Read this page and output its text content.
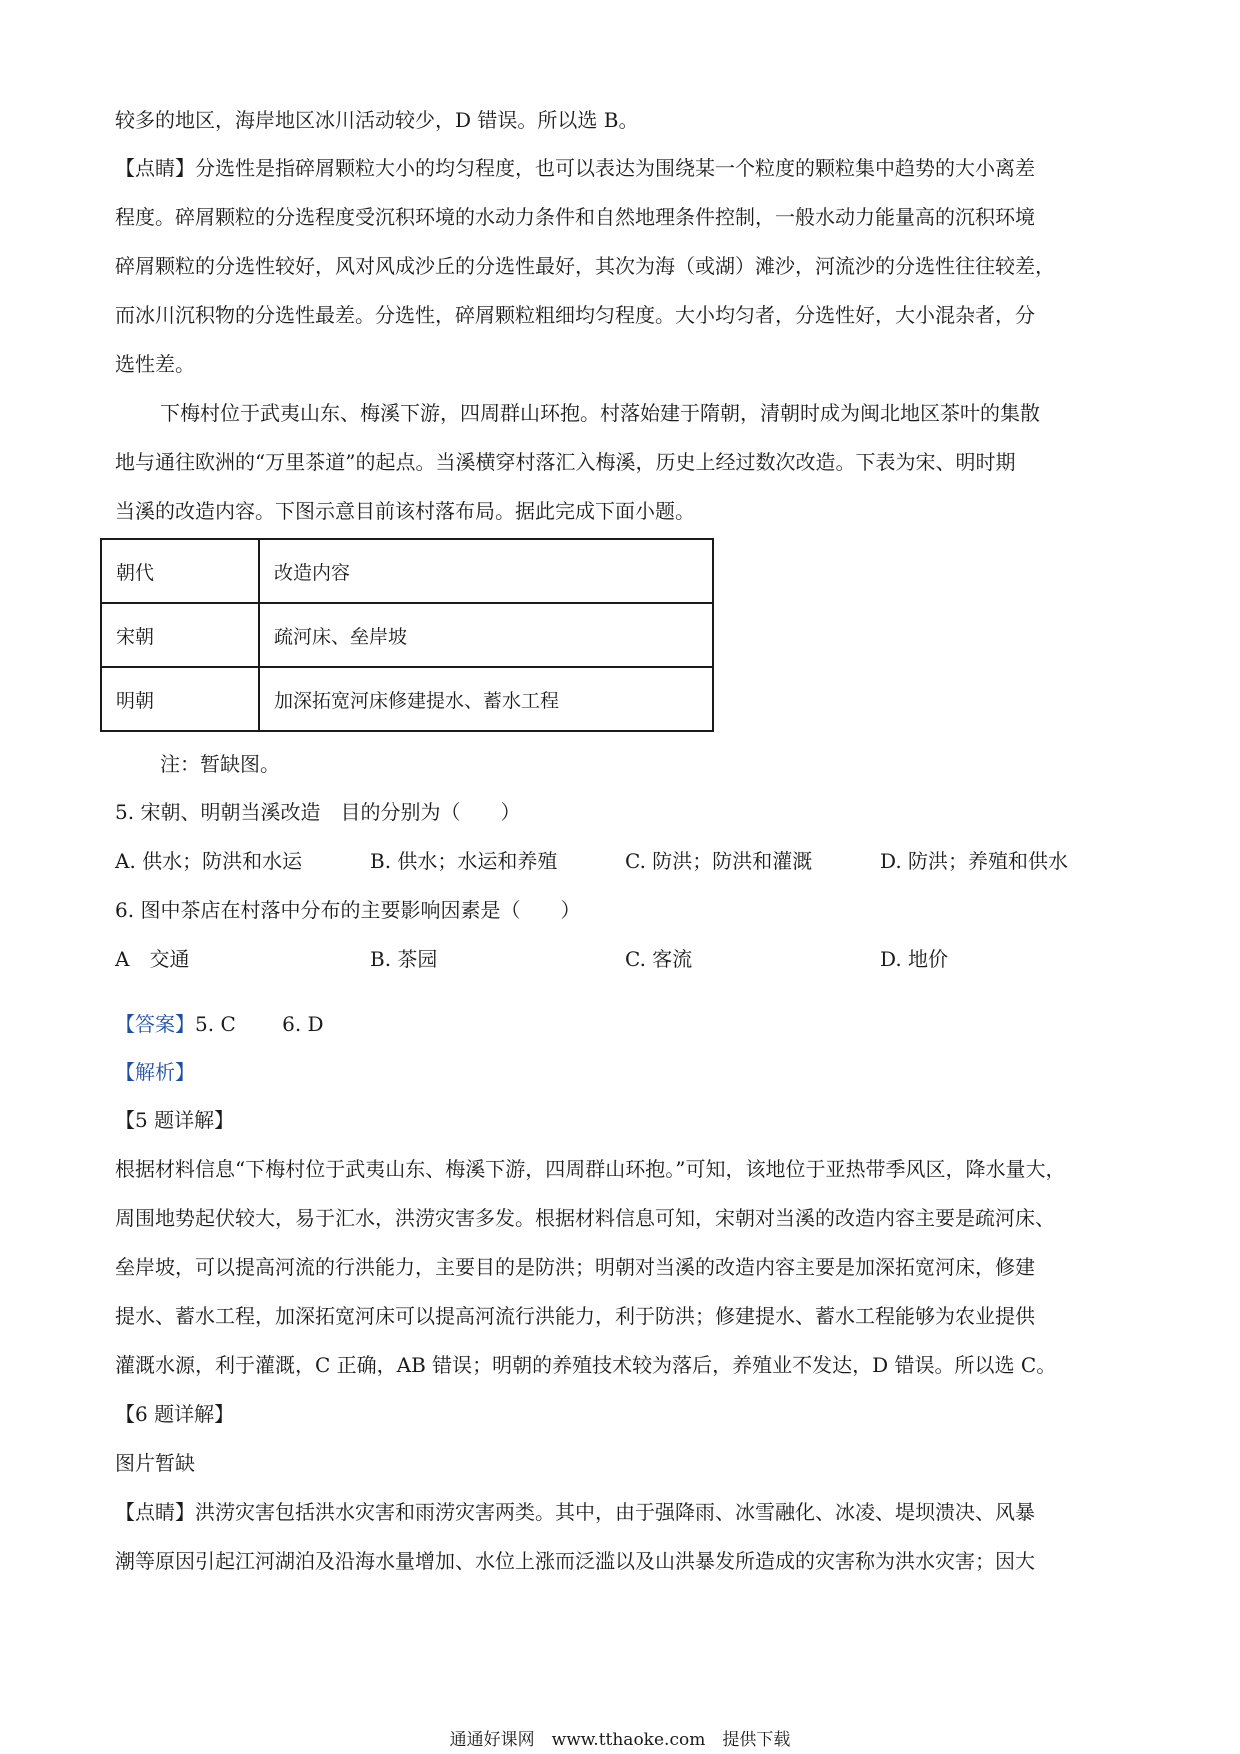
较多的地区，海岸地区冰川活动较少，D 错误。所以选 B。
【点睛】分选性是指碎屑颗粒大小的均匀程度，也可以表达为围绕某一个粒度的颗粒集中趋势的大小离差
程度。碎屑颗粒的分选程度受沉积环境的水动力条件和自然地理条件控制，一般水动力能量高的沉积环境
碎屑颗粒的分选性较好，风对风成沙丘的分选性最好，其次为海（或湖）滩沙，河流沙的分选性往往较差，
而冰川沉积物的分选性最差。分选性，碎屑颗粒粗细均匀程度。大小均匀者，分选性好，大小混杂者，分
选性差。
下梅村位于武夷山东、梅溪下游，四周群山环抱。村落始建于隋朝，清朝时成为闽北地区茶叶的集散
地与通往欧洲的“万里茶道”的起点。当溪横穿村落汇入梅溪，历史上经过数次改造。下表为宋、明时期
当溪的改造内容。下图示意目前该村落布局。据此完成下面小题。
朝代	改造内容
宋朝	疏河床、垒岸坡
明朝	加深拓宽河床修建提水、蓄水工程
注：暂缺图。
5. 宋朝、明朝当溪改造　目的分别为（　　）
A. 供水；防洪和水运	B. 供水；水运和养殖	C. 防洪；防洪和灌溉	D. 防洪；养殖和供水
6. 图中茶店在村落中分布的主要影响因素是（　　）
A　交通	B. 茶园	C. 客流	D. 地价
【答案】5. C　　 6. D
【解析】
【5 题详解】
根据材料信息“下梅村位于武夷山东、梅溪下游，四周群山环抱。”可知，该地位于亚热带季风区，降水量大，
周围地势起伏较大，易于汇水，洪涝灾害多发。根据材料信息可知，宋朝对当溪的改造内容主要是疏河床、
垒岸坡，可以提高河流的行洪能力，主要目的是防洪；明朝对当溪的改造内容主要是加深拓宽河床，修建
提水、蓄水工程，加深拓宽河床可以提高河流行洪能力，利于防洪；修建提水、蓄水工程能够为农业提供
灌溉水源，利于灌溉，C 正确，AB 错误；明朝的养殖技术较为落后，养殖业不发达，D 错误。所以选 C。
【6 题详解】
图片暂缺
【点睛】洪涝灾害包括洪水灾害和雨涝灾害两类。其中，由于强降雨、冰雪融化、冰凌、堤坝溃决、风暴
潮等原因引起江河湖泊及沿海水量增加、水位上涨而泛滥以及山洪暴发所造成的灾害称为洪水灾害；因大
通通好课网　www.tthaoke.com　提供下载
